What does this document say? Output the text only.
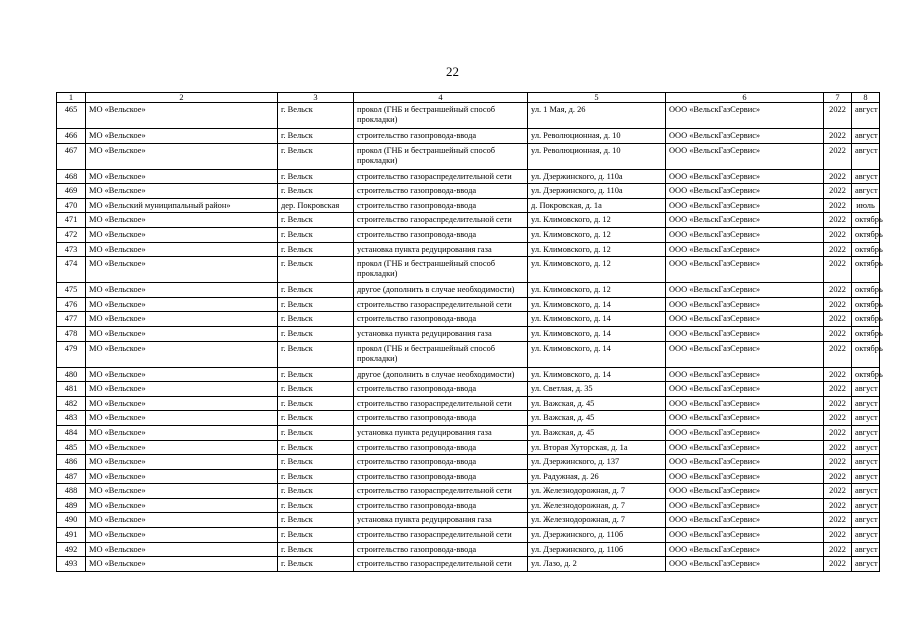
22
1	2	3	4	5	6	7	8
465	МО «Вельское»	г. Вельск	прокол (ГНБ и бестраншейный способ прокладки)	ул. 1 Мая, д. 26	ООО «ВельскГазСервис»	2022	август
466	МО «Вельское»	г. Вельск	строительство газопровода-ввода	ул. Революционная, д. 10	ООО «ВельскГазСервис»	2022	август
467	МО «Вельское»	г. Вельск	прокол (ГНБ и бестраншейный способ прокладки)	ул. Революционная, д. 10	ООО «ВельскГазСервис»	2022	август
468	МО «Вельское»	г. Вельск	строительство газораспределительной сети	ул. Дзержинского, д. 110а	ООО «ВельскГазСервис»	2022	август
469	МО «Вельское»	г. Вельск	строительство газопровода-ввода	ул. Дзержинского, д. 110а	ООО «ВельскГазСервис»	2022	август
470	МО «Вельский муниципальный район»	дер. Покровская	строительство газопровода-ввода	д. Покровская, д. 1а	ООО «ВельскГазСервис»	2022	июль
471	МО «Вельское»	г. Вельск	строительство газораспределительной сети	ул. Климовского, д. 12	ООО «ВельскГазСервис»	2022	октябрь
472	МО «Вельское»	г. Вельск	строительство газопровода-ввода	ул. Климовского, д. 12	ООО «ВельскГазСервис»	2022	октябрь
473	МО «Вельское»	г. Вельск	установка пункта редуцирования газа	ул. Климовского, д. 12	ООО «ВельскГазСервис»	2022	октябрь
474	МО «Вельское»	г. Вельск	прокол (ГНБ и бестраншейный способ прокладки)	ул. Климовского, д. 12	ООО «ВельскГазСервис»	2022	октябрь
475	МО «Вельское»	г. Вельск	другое (дополнить в случае необходимости)	ул. Климовского, д. 12	ООО «ВельскГазСервис»	2022	октябрь
476	МО «Вельское»	г. Вельск	строительство газораспределительной сети	ул. Климовского, д. 14	ООО «ВельскГазСервис»	2022	октябрь
477	МО «Вельское»	г. Вельск	строительство газопровода-ввода	ул. Климовского, д. 14	ООО «ВельскГазСервис»	2022	октябрь
478	МО «Вельское»	г. Вельск	установка пункта редуцирования газа	ул. Климовского, д. 14	ООО «ВельскГазСервис»	2022	октябрь
479	МО «Вельское»	г. Вельск	прокол (ГНБ и бестраншейный способ прокладки)	ул. Климовского, д. 14	ООО «ВельскГазСервис»	2022	октябрь
480	МО «Вельское»	г. Вельск	другое (дополнить в случае необходимости)	ул. Климовского, д. 14	ООО «ВельскГазСервис»	2022	октябрь
481	МО «Вельское»	г. Вельск	строительство газопровода-ввода	ул. Светлая, д. 35	ООО «ВельскГазСервис»	2022	август
482	МО «Вельское»	г. Вельск	строительство газораспределительной сети	ул. Важская, д. 45	ООО «ВельскГазСервис»	2022	август
483	МО «Вельское»	г. Вельск	строительство газопровода-ввода	ул. Важская, д. 45	ООО «ВельскГазСервис»	2022	август
484	МО «Вельское»	г. Вельск	установка пункта редуцирования газа	ул. Важская, д. 45	ООО «ВельскГазСервис»	2022	август
485	МО «Вельское»	г. Вельск	строительство газопровода-ввода	ул. Вторая Хуторская, д. 1а	ООО «ВельскГазСервис»	2022	август
486	МО «Вельское»	г. Вельск	строительство газопровода-ввода	ул. Дзержинского, д. 137	ООО «ВельскГазСервис»	2022	август
487	МО «Вельское»	г. Вельск	строительство газопровода-ввода	ул. Радужная, д. 26	ООО «ВельскГазСервис»	2022	август
488	МО «Вельское»	г. Вельск	строительство газораспределительной сети	ул. Железнодорожная, д. 7	ООО «ВельскГазСервис»	2022	август
489	МО «Вельское»	г. Вельск	строительство газопровода-ввода	ул. Железнодорожная, д. 7	ООО «ВельскГазСервис»	2022	август
490	МО «Вельское»	г. Вельск	установка пункта редуцирования газа	ул. Железнодорожная, д. 7	ООО «ВельскГазСервис»	2022	август
491	МО «Вельское»	г. Вельск	строительство газораспределительной сети	ул. Дзержинского, д. 110б	ООО «ВельскГазСервис»	2022	август
492	МО «Вельское»	г. Вельск	строительство газопровода-ввода	ул. Дзержинского, д. 110б	ООО «ВельскГазСервис»	2022	август
493	МО «Вельское»	г. Вельск	строительство газораспределительной сети	ул. Лазо, д. 2	ООО «ВельскГазСервис»	2022	август
